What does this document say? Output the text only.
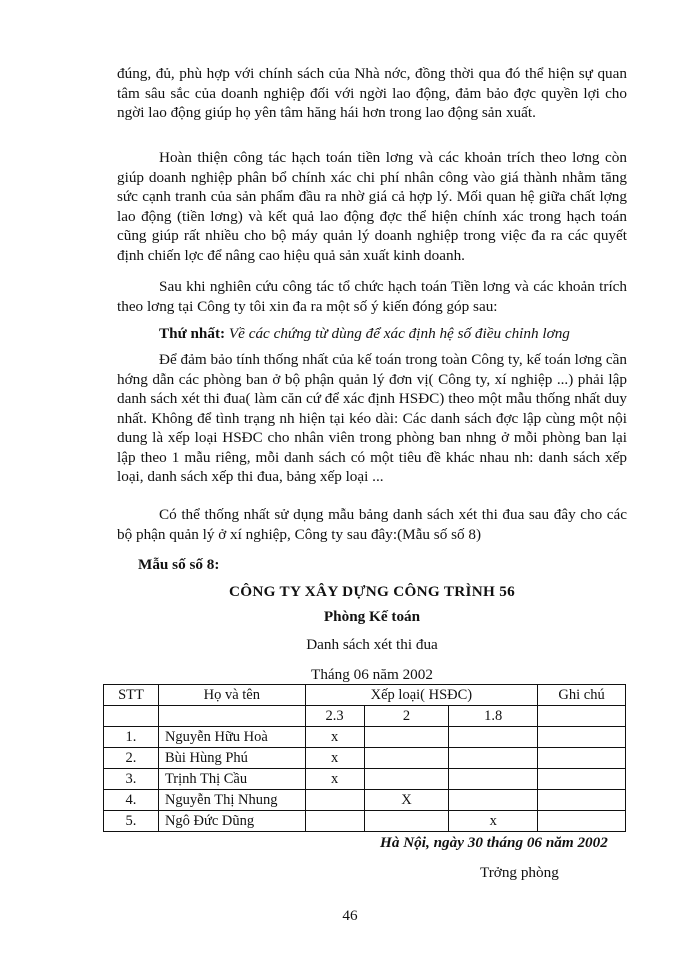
đúng, đủ, phù hợp với chính sách của Nhà nớc, đồng thời qua đó thể hiện sự quan tâm sâu sắc của doanh nghiệp đối với ngời lao động, đảm bảo đợc quyền lợi cho ngời lao động giúp họ yên tâm hăng hái hơn trong lao động sản xuất.

Hoàn thiện công tác hạch toán tiền lơng và các khoản trích theo lơng còn giúp doanh nghiệp phân bổ chính xác chi phí nhân công vào giá thành nhằm tăng sức cạnh tranh của sản phẩm đầu ra nhờ giá cả hợp lý. Mối quan hệ giữa chất lợng lao động (tiền lơng) và kết quả lao động đợc thể hiện chính xác trong hạch toán cũng giúp rất nhiều cho bộ máy quản lý doanh nghiệp trong việc đa ra các quyết định chiến lợc để nâng cao hiệu quả sản xuất kinh doanh.

Sau khi nghiên cứu công tác tổ chức hạch toán Tiền lơng và các khoản trích theo lơng tại Công ty tôi xin đa ra một số ý kiến đóng góp sau:

Thứ nhất: Về các chứng từ dùng để xác định hệ số điều chỉnh lơng

Để đảm bảo tính thống nhất của kế toán trong toàn Công ty, kế toán lơng cần hớng dẫn các phòng ban ở bộ phận quản lý đơn vị( Công ty, xí nghiệp ...) phải lập danh sách xét thi đua( làm căn cứ để xác định HSĐC) theo một mẫu thống nhất duy nhất. Không để tình trạng nh hiện tại kéo dài: Các danh sách đợc lập cùng một nội dung là xếp loại HSĐC cho nhân viên trong phòng ban nhng ở mỗi phòng ban lại lập theo 1 mẫu riêng, mỗi danh sách có một tiêu đề khác nhau nh: danh sách xếp loại, danh sách xếp thi đua, bảng xếp loại ...

Có thể thống nhất sử dụng mẫu bảng danh sách xét thi đua sau đây cho các bộ phận quản lý ở xí nghiệp, Công ty sau đây:(Mẫu số số 8)

Mẫu số số 8:
CÔNG TY XÂY DỰNG CÔNG TRÌNH 56
Phòng Kế toán
Danh sách xét thi đua
Tháng 06 năm 2002
STT	Họ và tên	Xếp loại( HSĐC)			Ghi chú
		2.3	2	1.8	
1.	Nguyễn Hữu Hoà	x			
2.	Bùi Hùng Phú	x			
3.	Trịnh Thị Cầu	x			
4.	Nguyễn Thị Nhung		X		
5.	Ngô Đức Dũng			x	
Hà Nội, ngày 30 tháng 06 năm 2002
Trởng phòng
46
